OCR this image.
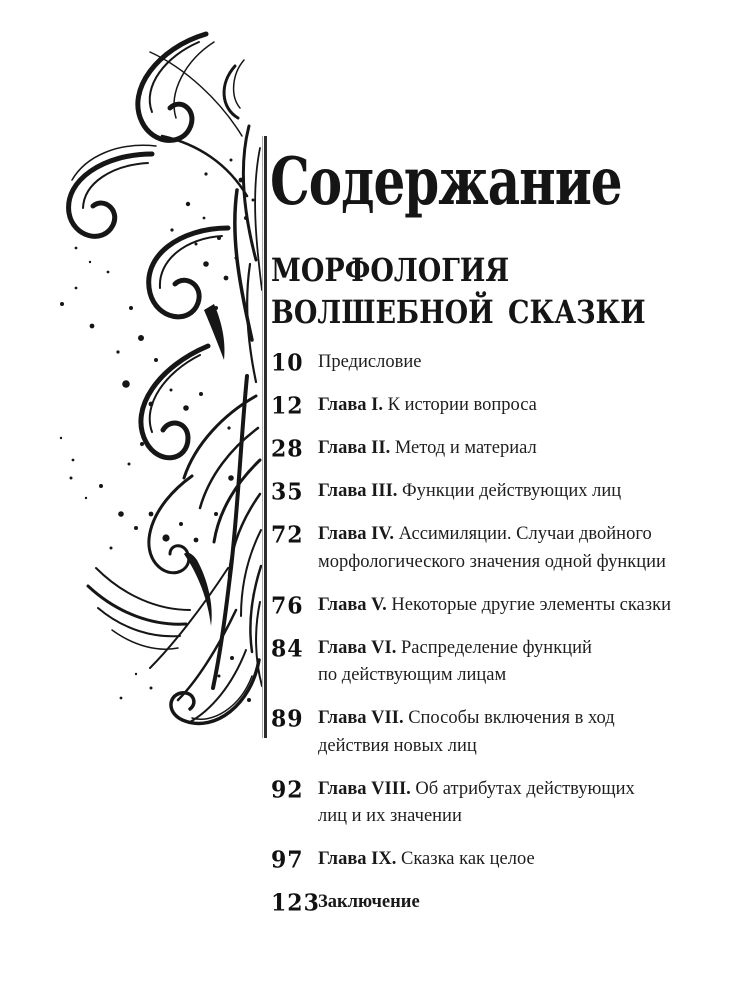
Содержание
МОРФОЛОГИЯ
ВОЛШЕБНОЙ СКАЗКИ
10 Предисловие
12 Глава I. К истории вопроса
28 Глава II. Метод и материал
35 Глава III. Функции действующих лиц
72 Глава IV. Ассимиляции. Случаи двойного
морфологического значения одной функции
76 Глава V. Некоторые другие элементы сказки
84 Глава VI. Распределение функций
по действующим лицам
89 Глава VII. Способы включения в ход
действия новых лиц
92 Глава VIII. Об атрибутах действующих
лиц и их значении
97 Глава IX. Сказка как целое
123
Заключение
